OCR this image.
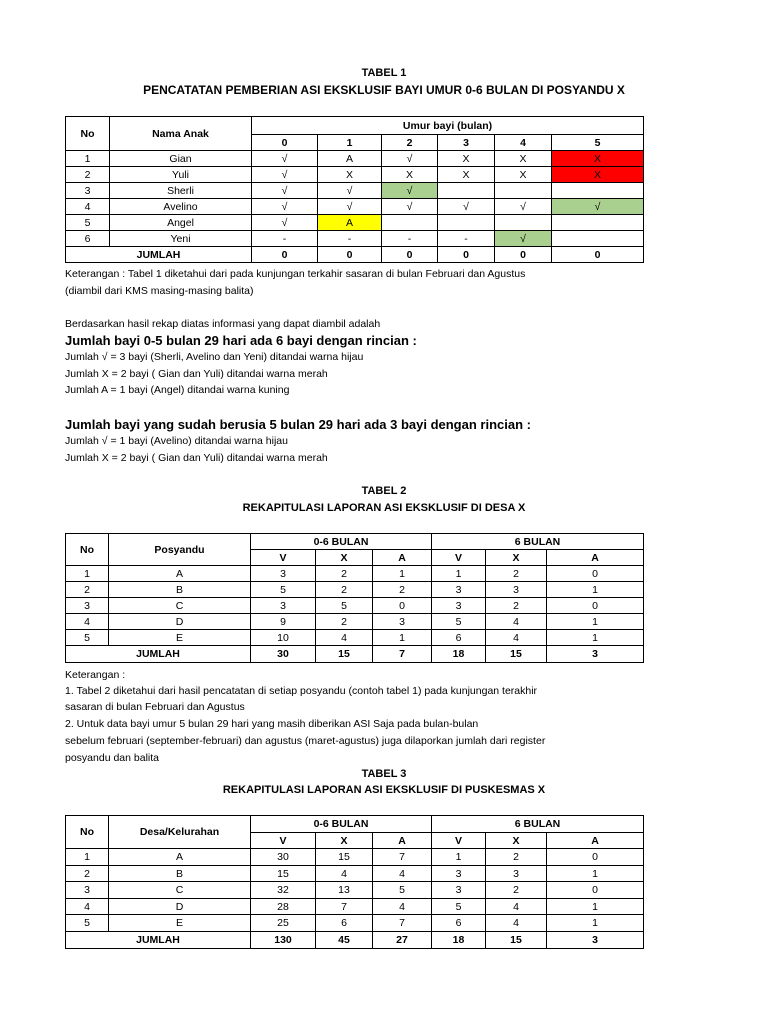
TABEL 1
PENCATATAN PEMBERIAN ASI EKSKLUSIF BAYI UMUR 0-6 BULAN DI POSYANDU X
No	Nama Anak	Umur bayi (bulan)					
		0	1	2	3	4	5
1	Gian	√	A	√	X	X	X
2	Yuli	√	X	X	X	X	X
3	Sherli	√	√	√			
4	Avelino	√	√	√	√	√	√
5	Angel	√	A				
6	Yeni	-	-	-	-	√	
JUMLAH		0	0	0	0	0	0
Keterangan : Tabel 1 diketahui dari pada kunjungan terkahir sasaran di bulan Februari dan Agustus
(diambil dari KMS masing-masing balita)
Berdasarkan hasil rekap diatas informasi yang dapat diambil adalah
Jumlah bayi 0-5 bulan 29 hari ada 6 bayi dengan rincian :
Jumlah √ = 3 bayi (Sherli, Avelino dan Yeni) ditandai warna hijau
Jumlah X = 2 bayi ( Gian dan Yuli) ditandai warna merah
Jumlah A = 1 bayi (Angel) ditandai warna kuning
Jumlah bayi yang sudah berusia 5 bulan 29 hari ada 3 bayi dengan rincian :
Jumlah √ = 1 bayi (Avelino) ditandai warna hijau
Jumlah X = 2 bayi ( Gian dan Yuli) ditandai warna merah
TABEL 2
REKAPITULASI LAPORAN ASI EKSKLUSIF DI DESA X
No	Posyandu	0-6 BULAN			6 BULAN		
		V	X	A	V	X	A
1	A	3	2	1	1	2	0
2	B	5	2	2	3	3	1
3	C	3	5	0	3	2	0
4	D	9	2	3	5	4	1
5	E	10	4	1	6	4	1
JUMLAH		30	15	7	18	15	3
Keterangan :
1. Tabel 2 diketahui dari hasil pencatatan di setiap posyandu (contoh tabel 1) pada kunjungan terakhir
sasaran di bulan Februari dan Agustus
2. Untuk data bayi umur 5 bulan 29 hari yang masih diberikan ASI Saja pada bulan-bulan
sebelum februari (september-februari) dan agustus (maret-agustus) juga dilaporkan jumlah dari register
posyandu dan balita
TABEL 3
REKAPITULASI LAPORAN ASI EKSKLUSIF DI PUSKESMAS X
No	Desa/Kelurahan	0-6 BULAN			6 BULAN		
		V	X	A	V	X	A
1	A	30	15	7	1	2	0
2	B	15	4	4	3	3	1
3	C	32	13	5	3	2	0
4	D	28	7	4	5	4	1
5	E	25	6	7	6	4	1
JUMLAH		130	45	27	18	15	3
